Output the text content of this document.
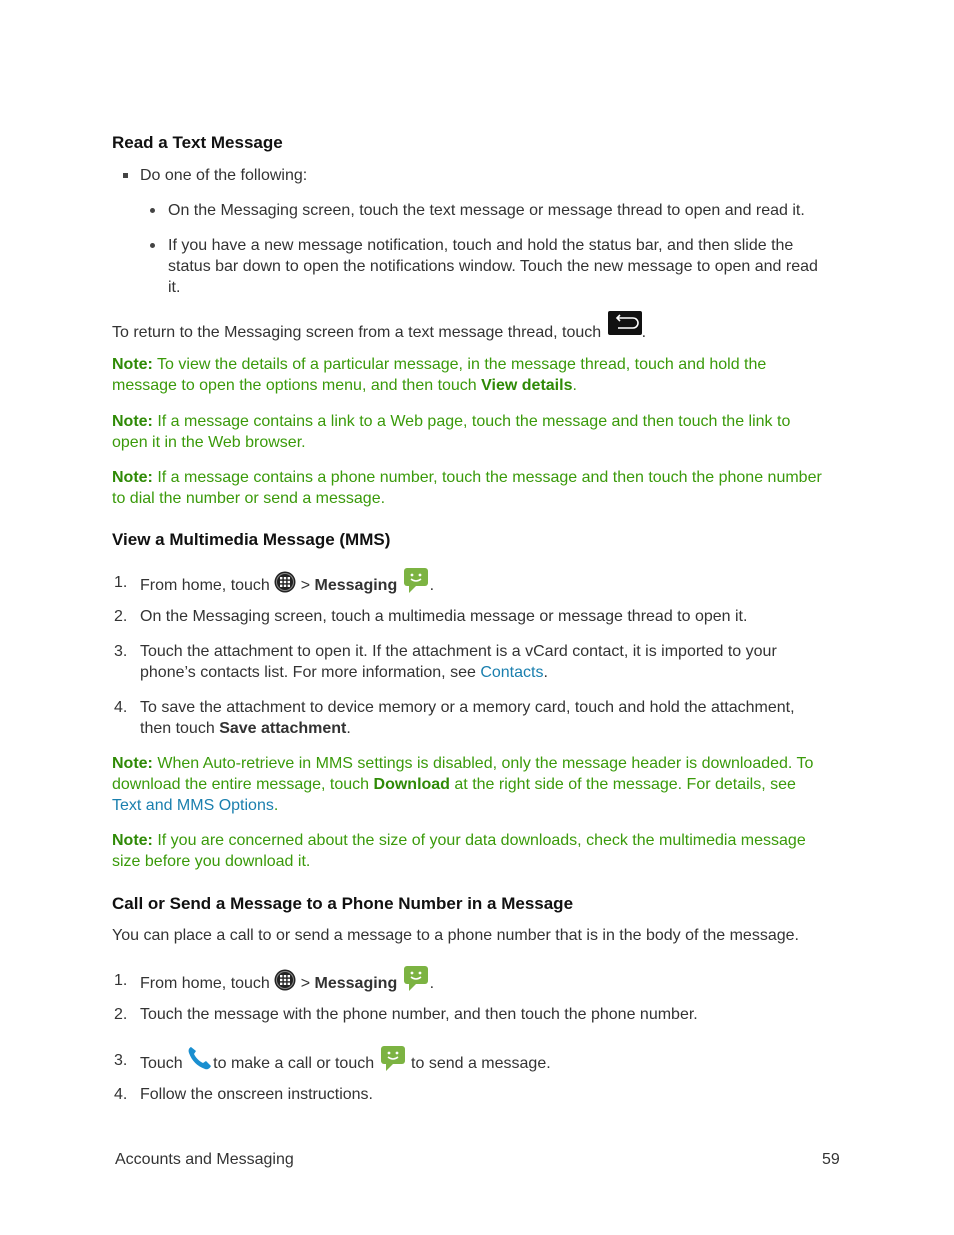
Read a Text Message
Do one of the following:
On the Messaging screen, touch the text message or message thread to open and read it.
If you have a new message notification, touch and hold the status bar, and then slide the
status bar down to open the notifications window. Touch the new message to open and read
it.
To return to the Messaging screen from a text message thread, touch	.
Note: To view the details of a particular message, in the message thread, touch and hold the
message to open the options menu, and then touch View details.
Note: If a message contains a link to a Web page, touch the message and then touch the link to
open it in the Web browser.
Note: If a message contains a phone number, touch the message and then touch the phone number
to dial the number or send a message.
View a Multimedia Message (MMS)
1. From home, touch > Messaging .
2. On the Messaging screen, touch a multimedia message or message thread to open it.
3. Touch the attachment to open it. If the attachment is a vCard contact, it is imported to your
phone’s contacts list. For more information, see Contacts.
4. To save the attachment to device memory or a memory card, touch and hold the attachment,
then touch Save attachment.
Note: When Auto-retrieve in MMS settings is disabled, only the message header is downloaded. To
download the entire message, touch Download at the right side of the message. For details, see
Text and MMS Options.
Note: If you are concerned about the size of your data downloads, check the multimedia message
size before you download it.
Call or Send a Message to a Phone Number in a Message
You can place a call to or send a message to a phone number that is in the body of the message.
1. From home, touch > Messaging .
2. Touch the message with the phone number, and then touch the phone number.
3. Touch to make a call or touch to send a message.
4. Follow the onscreen instructions.
Accounts and Messaging	59
